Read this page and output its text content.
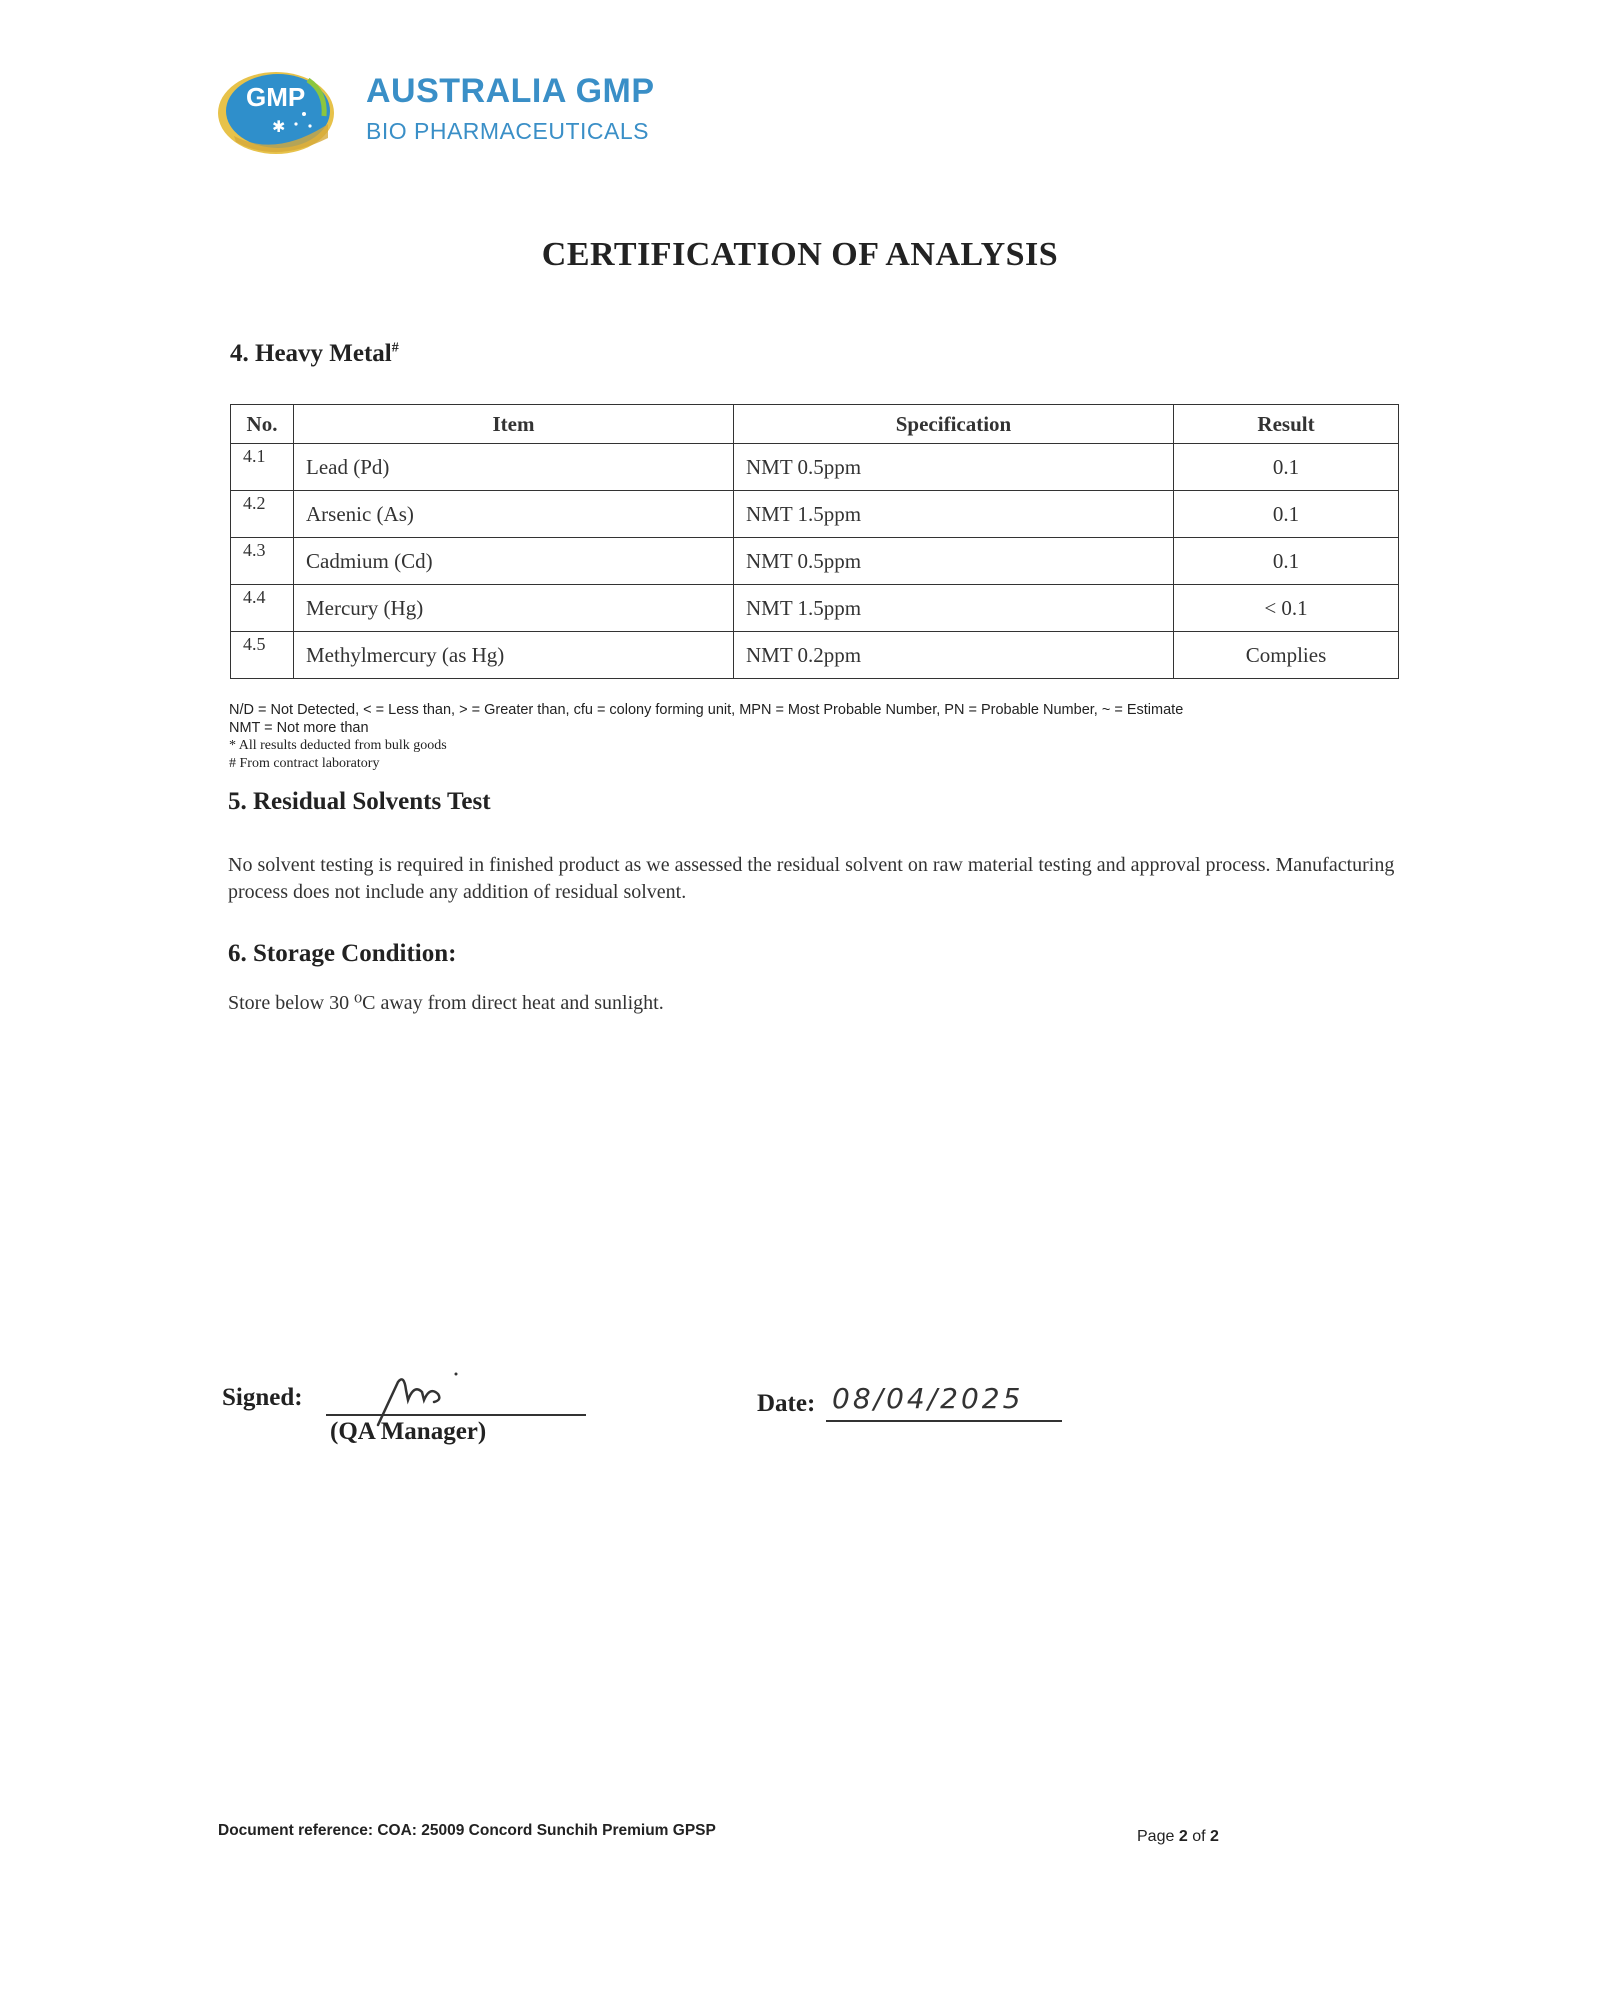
GMP
✱
AUSTRALIA GMP
BIO PHARMACEUTICALS
CERTIFICATION OF ANALYSIS
4. Heavy Metal#
No.	Item	Specification	Result
4.1	Lead (Pd)	NMT 0.5ppm	0.1
4.2	Arsenic (As)	NMT 1.5ppm	0.1
4.3	Cadmium (Cd)	NMT 0.5ppm	0.1
4.4	Mercury (Hg)	NMT 1.5ppm	< 0.1
4.5	Methylmercury (as Hg)	NMT 0.2ppm	Complies
N/D = Not Detected, < = Less than, > = Greater than, cfu = colony forming unit, MPN = Most Probable Number, PN = Probable Number, ~ = Estimate
NMT = Not more than
* All results deducted from bulk goods
# From contract laboratory
5. Residual Solvents Test
No solvent testing is required in finished product as we assessed the residual solvent on raw material testing and approval process. Manufacturing process does not include any addition of residual solvent.
6. Storage Condition:
Store below 30 ⁰C away from direct heat and sunlight.
Signed:
(QA Manager)
Date: 08/04/2025
Document reference: COA: 25009 Concord Sunchih Premium GPSP	Page 2 of 2
